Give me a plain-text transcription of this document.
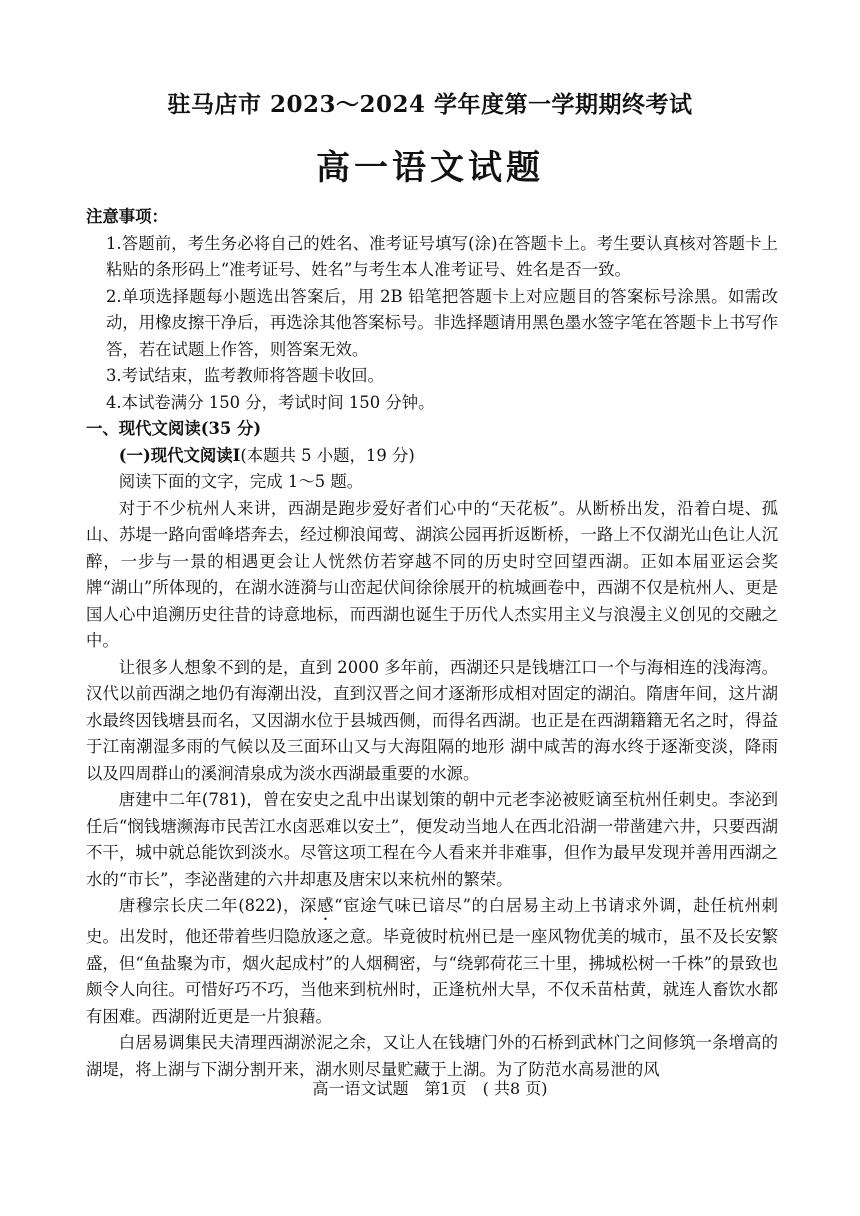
驻马店市 2023～2024 学年度第一学期期终考试
高一语文试题

注意事项：

1.答题前，考生务必将自己的姓名、准考证号填写(涂)在答题卡上。考生要认真核对答题卡上粘贴的条形码上“准考证号、姓名”与考生本人准考证号、姓名是否一致。

2.单项选择题每小题选出答案后，用 2B 铅笔把答题卡上对应题目的答案标号涂黑。如需改动，用橡皮擦干净后，再选涂其他答案标号。非选择题请用黑色墨水签字笔在答题卡上书写作答，若在试题上作答，则答案无效。

3.考试结束，监考教师将答题卡收回。

4.本试卷满分 150 分，考试时间 150 分钟。

一、现代文阅读(35 分)

(一)现代文阅读Ⅰ(本题共 5 小题，19 分)

阅读下面的文字，完成 1～5 题。

对于不少杭州人来讲，西湖是跑步爱好者们心中的“天花板”。从断桥出发，沿着白堤、孤山、苏堤一路向雷峰塔奔去，经过柳浪闻莺、湖滨公园再折返断桥，一路上不仅湖光山色让人沉醉，一步与一景的相遇更会让人恍然仿若穿越不同的历史时空回望西湖。正如本届亚运会奖牌“湖山”所体现的，在湖水涟漪与山峦起伏间徐徐展开的杭城画卷中，西湖不仅是杭州人、更是国人心中追溯历史往昔的诗意地标，而西湖也诞生于历代人杰实用主义与浪漫主义创见的交融之中。

让很多人想象不到的是，直到 2000 多年前，西湖还只是钱塘江口一个与海相连的浅海湾。汉代以前西湖之地仍有海潮出没，直到汉晋之间才逐渐形成相对固定的湖泊。隋唐年间，这片湖水最终因钱塘县而名，又因湖水位于县城西侧，而得名西湖。也正是在西湖籍籍无名之时，得益于江南潮湿多雨的气候以及三面环山又与大海阻隔的地形 湖中咸苦的海水终于逐渐变淡，降雨以及四周群山的溪涧清泉成为淡水西湖最重要的水源。

唐建中二年(781)，曾在安史之乱中出谋划策的朝中元老李泌被贬谪至杭州任刺史。李泌到任后“悯钱塘濒海市民苦江水卤恶难以安土”，便发动当地人在西北沿湖一带凿建六井，只要西湖不干，城中就总能饮到淡水。尽管这项工程在今人看来并非难事，但作为最早发现并善用西湖之水的“市长”，李泌凿建的六井却惠及唐宋以来杭州的繁荣。

唐穆宗长庆二年(822)，深感“宦途气味已谙尽”的白居易主动上书请求外调，赴任杭州刺史。出发时，他还带着些归隐放逐之意。毕竟彼时杭州已是一座风物优美的城市，虽不及长安繁盛，但“鱼盐聚为市，烟火起成村”的人烟稠密，与“绕郭荷花三十里，拂城松树一千株”的景致也颇令人向往。可惜好巧不巧，当他来到杭州时，正逢杭州大旱，不仅禾苗枯黄，就连人畜饮水都有困难。西湖附近更是一片狼藉。

白居易调集民夫清理西湖淤泥之余，又让人在钱塘门外的石桥到武林门之间修筑一条增高的湖堤，将上湖与下湖分割开来，湖水则尽量贮藏于上湖。为了防范水高易泄的风

高一语文试题　第1页　( 共8 页)
